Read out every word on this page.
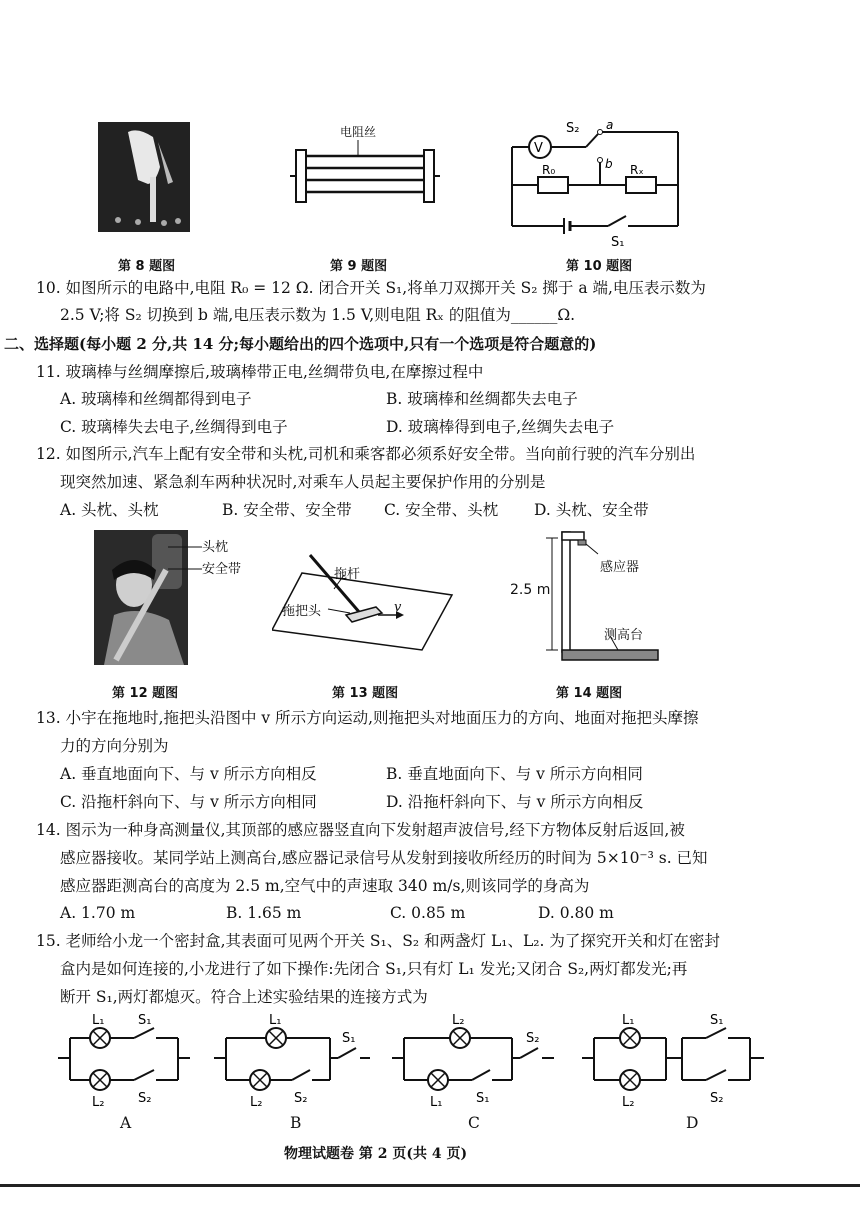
第 8 题图
电阻丝
第 9 题图
V
S₂ a
b
R₀	Rₓ
S₁
第 10 题图
10. 如图所示的电路中,电阻 R₀ = 12 Ω. 闭合开关 S₁,将单刀双掷开关 S₂ 掷于 a 端,电压表示数为
2.5 V;将 S₂ 切换到 b 端,电压表示数为 1.5 V,则电阻 Rₓ 的阻值为______Ω.
二、选择题(每小题 2 分,共 14 分;每小题给出的四个选项中,只有一个选项是符合题意的)
11. 玻璃棒与丝绸摩擦后,玻璃棒带正电,丝绸带负电,在摩擦过程中
A. 玻璃棒和丝绸都得到电子	B. 玻璃棒和丝绸都失去电子
C. 玻璃棒失去电子,丝绸得到电子	D. 玻璃棒得到电子,丝绸失去电子
12. 如图所示,汽车上配有安全带和头枕,司机和乘客都必须系好安全带。当向前行驶的汽车分别出
现突然加速、紧急刹车两种状况时,对乘车人员起主要保护作用的分别是
A. 头枕、头枕	B. 安全带、安全带 C. 安全带、头枕 D. 头枕、安全带
头枕
安全带
第 12 题图
拖杆
拖把头	v
第 13 题图
感应器
2.5 m
测高台
第 14 题图
13. 小宇在拖地时,拖把头沿图中 v 所示方向运动,则拖把头对地面压力的方向、地面对拖把头摩擦
力的方向分别为
A. 垂直地面向下、与 v 所示方向相反	B. 垂直地面向下、与 v 所示方向相同
C. 沿拖杆斜向下、与 v 所示方向相同	D. 沿拖杆斜向下、与 v 所示方向相反
14. 图示为一种身高测量仪,其顶部的感应器竖直向下发射超声波信号,经下方物体反射后返回,被
感应器接收。某同学站上测高台,感应器记录信号从发射到接收所经历的时间为 5×10⁻³ s. 已知
感应器距测高台的高度为 2.5 m,空气中的声速取 340 m/s,则该同学的身高为
A. 1.70 m	B. 1.65 m	C. 0.85 m	D. 0.80 m
15. 老师给小龙一个密封盒,其表面可见两个开关 S₁、S₂ 和两盏灯 L₁、L₂. 为了探究开关和灯在密封
盒内是如何连接的,小龙进行了如下操作:先闭合 S₁,只有灯 L₁ 发光;又闭合 S₂,两灯都发光;再
断开 S₁,两灯都熄灭。符合上述实验结果的连接方式为
L₁	S₁
L₂	S₂
A
L₁
S₁
L₂ S₂
B
L₂
S₂
L₁	S₁
C
L₁	S₁
L₂	S₂
D
物理试题卷 第 2 页(共 4 页)
